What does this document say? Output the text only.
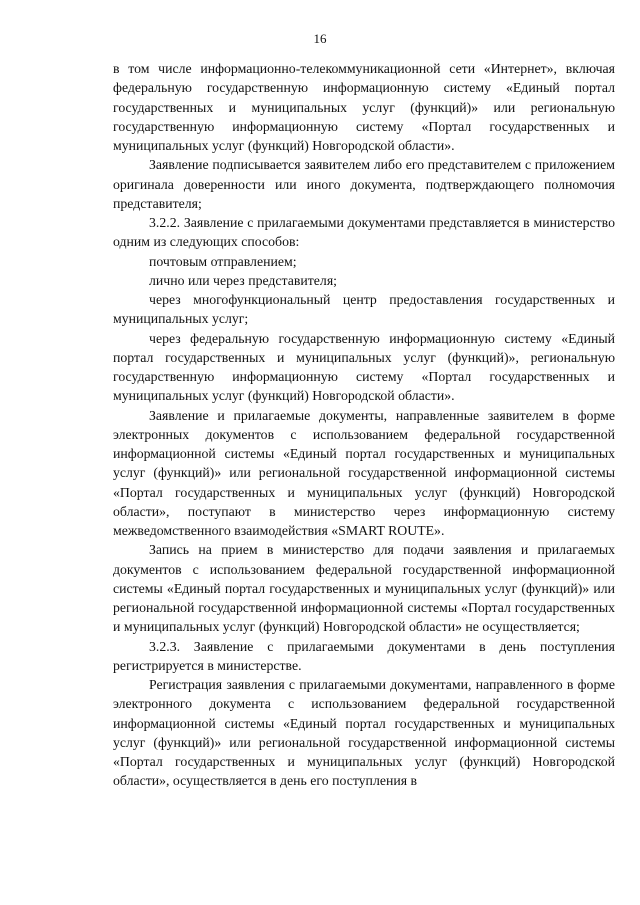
16

в том числе информационно-телекоммуникационной сети «Интернет», включая федеральную государственную информационную систему «Единый портал государственных и муниципальных услуг (функций)» или региональную государственную информационную систему «Портал государственных и муниципальных услуг (функций) Новгородской области».

Заявление подписывается заявителем либо его представителем с приложением оригинала доверенности или иного документа, подтверждающего полномочия представителя;

3.2.2. Заявление с прилагаемыми документами представляется в министерство одним из следующих способов:

почтовым отправлением;

лично или через представителя;

через многофункциональный центр предоставления государственных и муниципальных услуг;

через федеральную государственную информационную систему «Единый портал государственных и муниципальных услуг (функций)», региональную государственную информационную систему «Портал государственных и муниципальных услуг (функций) Новгородской области».

Заявление и прилагаемые документы, направленные заявителем в форме электронных документов с использованием федеральной государственной информационной системы «Единый портал государственных и муниципальных услуг (функций)» или региональной государственной информационной системы «Портал государственных и муниципальных услуг (функций) Новгородской области», поступают в министерство через информационную систему межведомственного взаимодействия «SMART ROUTE».

Запись на прием в министерство для подачи заявления и прилагаемых документов с использованием федеральной государственной информационной системы «Единый портал государственных и муниципальных услуг (функций)» или региональной государственной информационной системы «Портал государственных и муниципальных услуг (функций) Новгородской области» не осуществляется;

3.2.3. Заявление с прилагаемыми документами в день поступления регистрируется в министерстве.

Регистрация заявления с прилагаемыми документами, направленного в форме электронного документа с использованием федеральной государственной информационной системы «Единый портал государственных и муниципальных услуг (функций)» или региональной государственной информационной системы «Портал государственных и муниципальных услуг (функций) Новгородской области», осуществляется в день его поступления в
